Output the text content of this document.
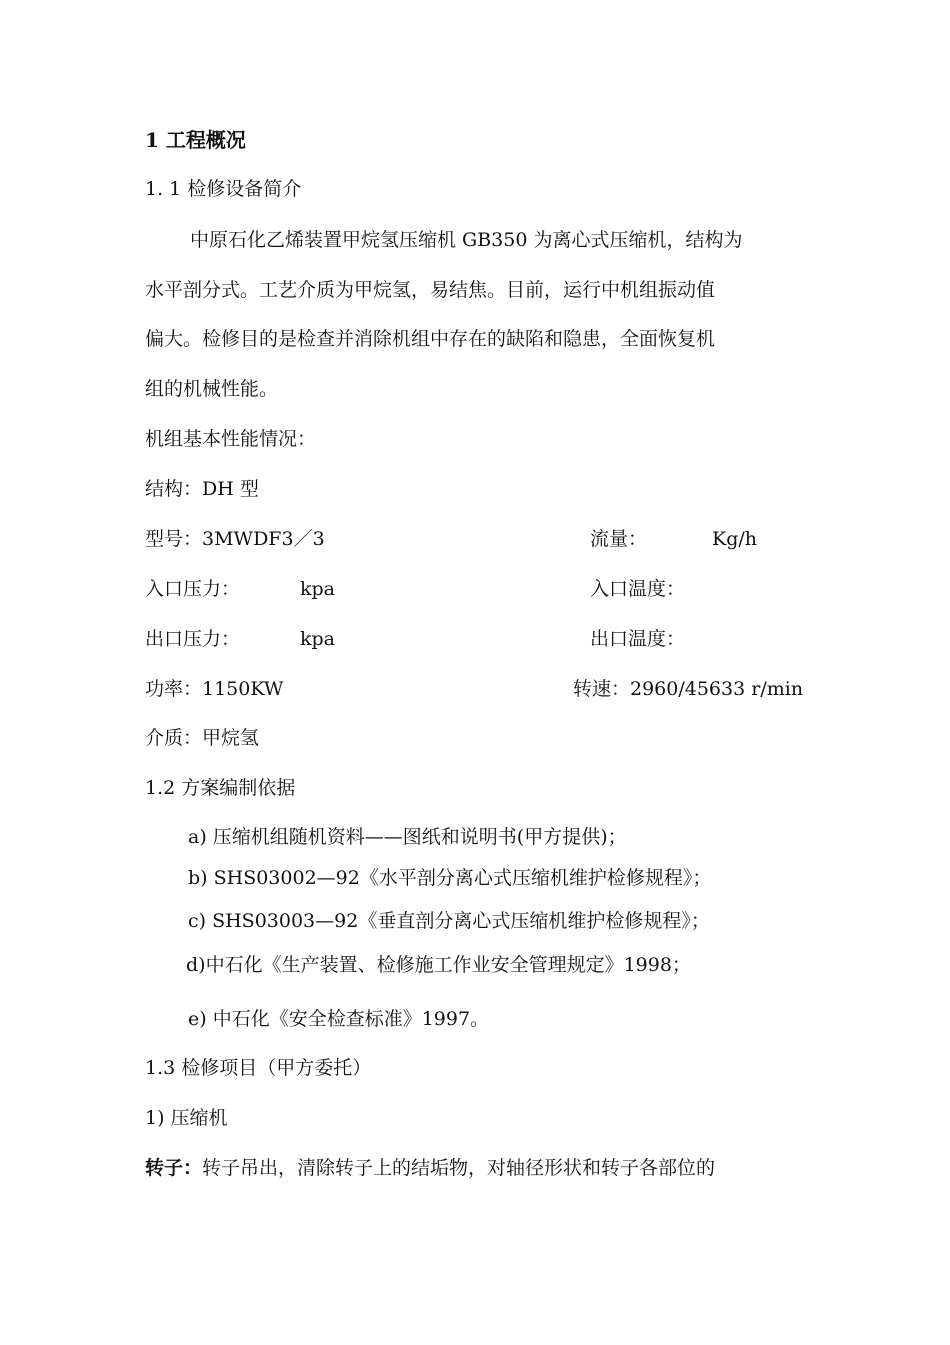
1 工程概况
1. 1 检修设备简介
中原石化乙烯装置甲烷氢压缩机 GB350 为离心式压缩机，结构为
水平剖分式。工艺介质为甲烷氢，易结焦。目前，运行中机组振动值
偏大。检修目的是检查并消除机组中存在的缺陷和隐患，全面恢复机
组的机械性能。
机组基本性能情况：
结构：DH 型
型号：3MWDF3／3	流量：	Kg/h
入口压力：	kpa	入口温度：
出口压力：	kpa	出口温度：
功率：1150KW	转速：2960/45633 r/min
介质：甲烷氢
1.2 方案编制依据
a) 压缩机组随机资料——图纸和说明书(甲方提供)；
b) SHS03002—92《水平剖分离心式压缩机维护检修规程》；
c) SHS03003—92《垂直剖分离心式压缩机维护检修规程》；
d)中石化《生产装置、检修施工作业安全管理规定》1998；
e) 中石化《安全检查标准》1997。
1.3 检修项目（甲方委托）
1) 压缩机
转子：转子吊出，清除转子上的结垢物，对轴径形状和转子各部位的
